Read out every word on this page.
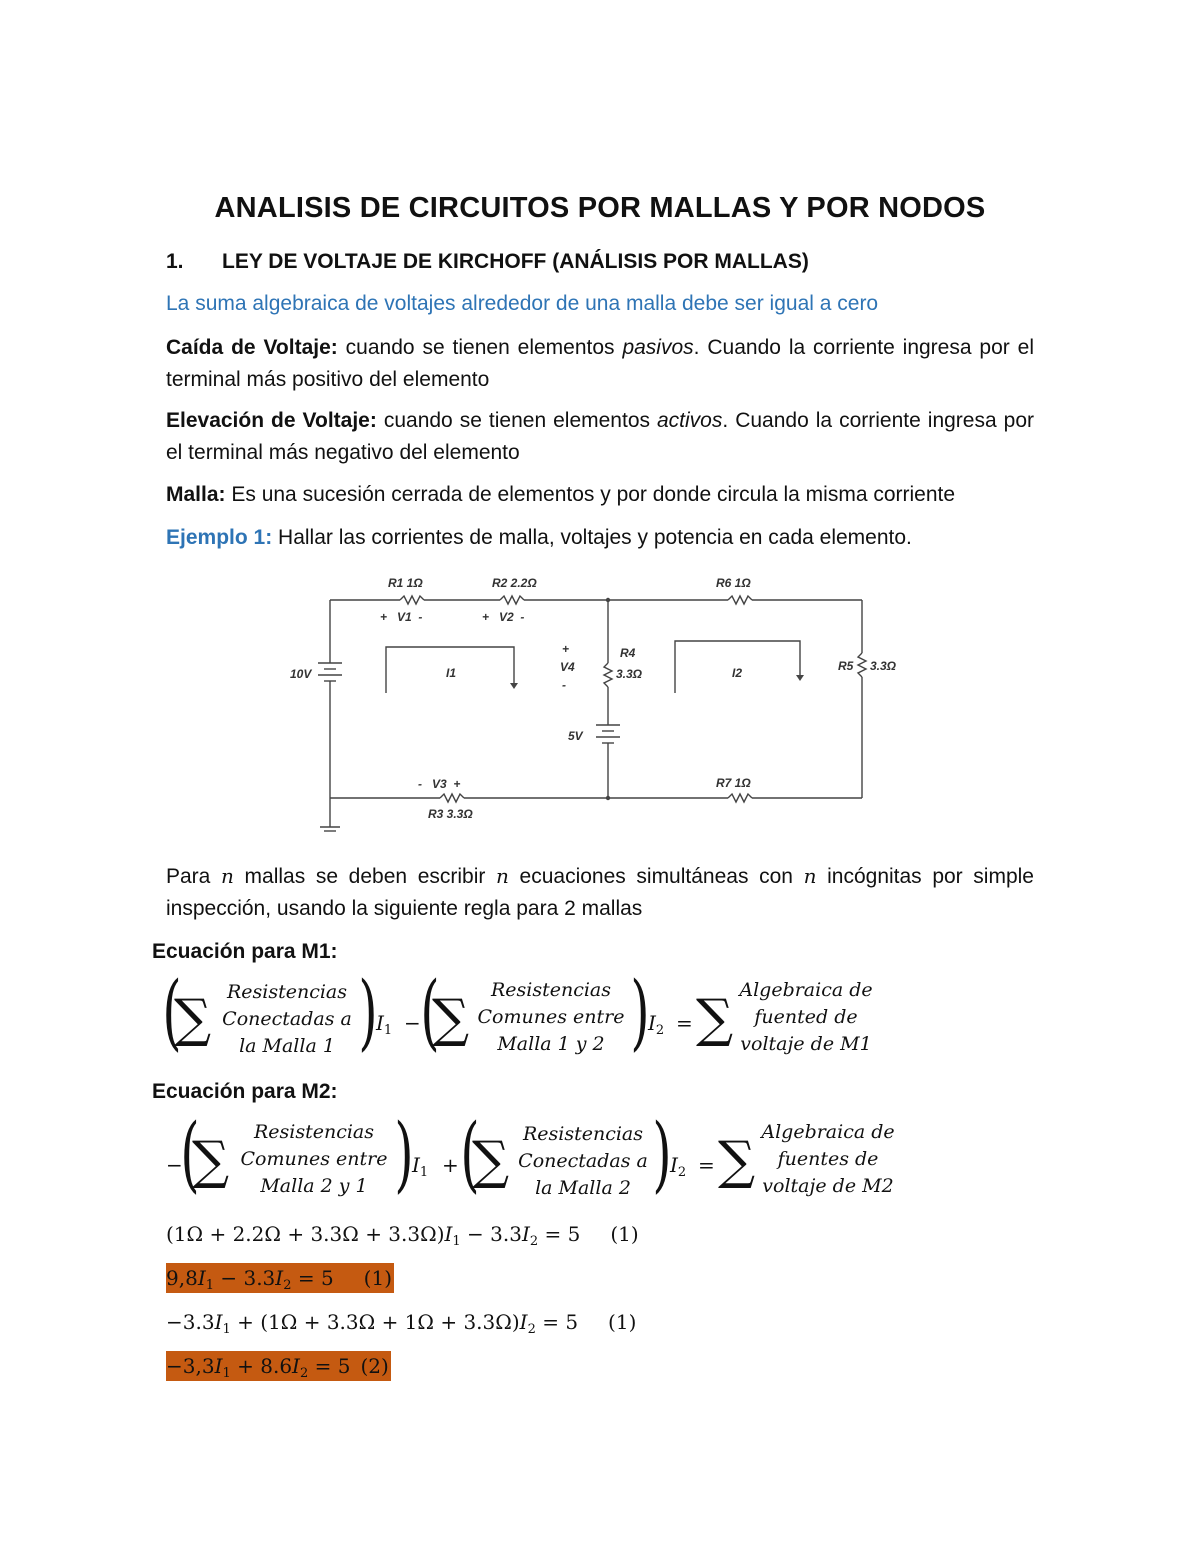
ANALISIS DE CIRCUITOS POR MALLAS Y POR NODOS
1. LEY DE VOLTAJE DE KIRCHOFF (ANÁLISIS POR MALLAS)
La suma algebraica de voltajes alrededor de una malla debe ser igual a cero
Caída de Voltaje: cuando se tienen elementos pasivos. Cuando la corriente ingresa por el terminal más positivo del elemento
Elevación de Voltaje: cuando se tienen elementos activos. Cuando la corriente ingresa por el terminal más negativo del elemento
Malla: Es una sucesión cerrada de elementos y por donde circula la misma corriente
Ejemplo 1: Hallar las corrientes de malla, voltajes y potencia en cada elemento.
R1 1Ω	R2 2.2Ω	R6 1Ω
+   V1  -	+   V2  -
+
V4
-
R4
3.3Ω
10V
5V
I1	I2	R5 3.3Ω
-   V3  +
R3 3.3Ω
R7 1Ω
Para n mallas se deben escribir n ecuaciones simultáneas con n incógnitas por simple inspección, usando la siguiente regla para 2 mallas
Ecuación para M1:
(
∑ Resistencias
Conectadas a
la Malla 1 )
$I_1$ − (
∑	Resistencias
Comunes entre
Malla 1 y 2 )
$I_2$ = ∑ Algebraica de
fuented de
voltaje de M1
Ecuación para M2:
−
(
∑	Resistencias
Comunes entre
Malla 2 y 1 )
$I_1$ + (
∑ Resistencias
Conectadas a
la Malla 2 )
$I_2$ = ∑ Algebraica de
fuentes de
voltaje de M2
$(1\Omega + 2.2\Omega + 3.3\Omega + 3.3\Omega)I_1 - 3.3I_2 = 5$ (1)
$9,8I_1 - 3.3I_2 = 5$ (1)
$-3.3I_1 + (1\Omega + 3.3\Omega + 1\Omega + 3.3\Omega)I_2 = 5$ (1)
$-3,3I_1 + 8.6I_2 = 5$ (2)
